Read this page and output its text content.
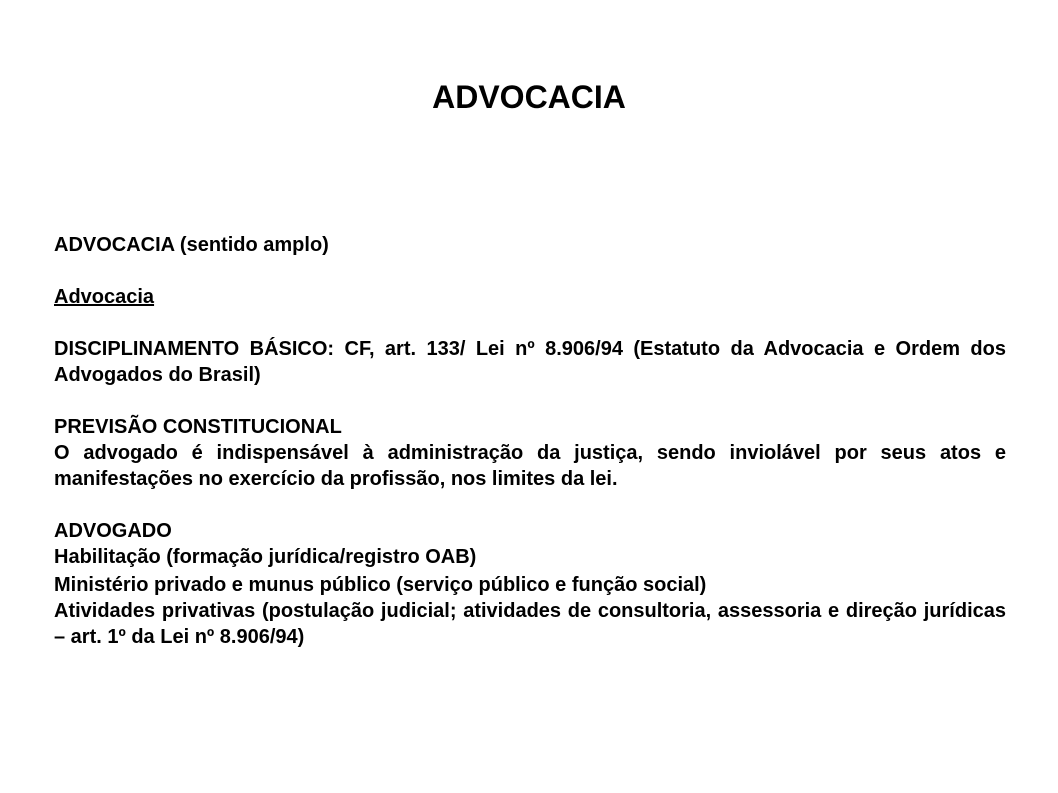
ADVOCACIA

ADVOCACIA (sentido amplo)

Advocacia

DISCIPLINAMENTO BÁSICO: CF, art. 133/ Lei nº 8.906/94 (Estatuto da Advocacia e Ordem dos Advogados do Brasil)

PREVISÃO CONSTITUCIONAL

O advogado é indispensável à administração da justiça, sendo inviolável por seus atos e manifestações no exercício da profissão, nos limites da lei.

ADVOGADO

Habilitação (formação jurídica/registro OAB)

Ministério privado e munus público (serviço público e função social)

Atividades privativas (postulação judicial; atividades de consultoria, assessoria e direção jurídicas – art. 1º da Lei nº 8.906/94)
